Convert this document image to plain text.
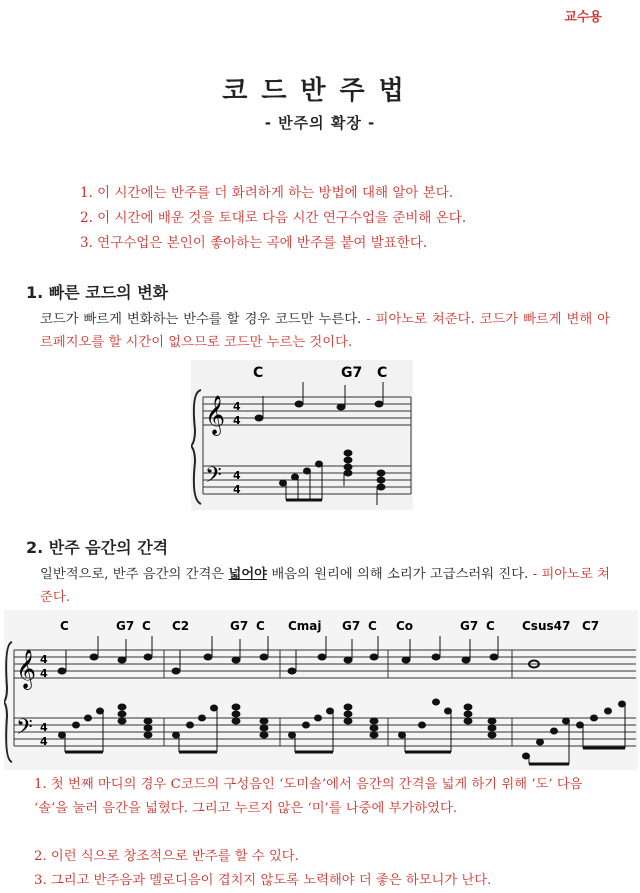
교수용
코드반주법
- 반주의 확장 -
1. 이 시간에는 반주를 더 화려하게 하는 방법에 대해 알아 본다.
2. 이 시간에 배운 것을 토대로 다음 시간 연구수업을 준비해 온다.
3. 연구수업은 본인이 좋아하는 곡에 반주를 붙여 발표한다.
1. 빠른 코드의 변화
코드가 빠르게 변화하는 반수를 할 경우 코드만 누른다. - 피아노로 쳐준다. 코드가 빠르게 변해 아르페지오를 할 시간이 없으므로 코드만 누르는 것이다.
C	G7 C
𝄞
𝄢
4
4
4
4
2. 반주 음간의 간격
일반적으로, 반주 음간의 간격은 넓어야 배음의 원리에 의해 소리가 고급스러워 진다. - 피아노로 쳐준다.
C	G7 C C2	G7 C Cmaj G7 C Co	G7 C Csus47 C7
𝄞
𝄢
4
4
4
4
1. 첫 번째 마디의 경우 C코드의 구성음인 ‘도미솔’에서 음간의 간격을 넓게 하기 위해 ‘도’ 다음 ‘솔’을 눌러 음간을 넓혔다. 그리고 누르지 않은 ‘미’를 나중에 부가하였다.
2. 이런 식으로 창조적으로 반주를 할 수 있다.
3. 그리고 반주음과 멜로디음이 겹치지 않도록 노력해야 더 좋은 하모니가 난다.
